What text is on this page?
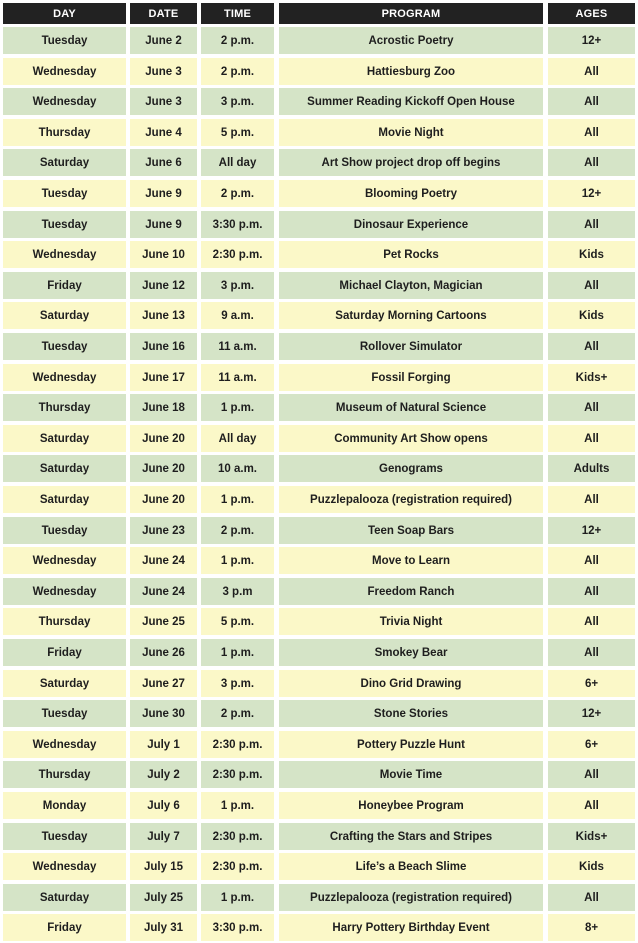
DAY	DATE	TIME	PROGRAM	AGES
Tuesday	June 2	2 p.m.	Acrostic Poetry	12+
Wednesday	June 3	2 p.m.	Hattiesburg Zoo	All
Wednesday	June 3	3 p.m.	Summer Reading Kickoff Open House	All
Thursday	June 4	5 p.m.	Movie Night	All
Saturday	June 6	All day	Art Show project drop off begins	All
Tuesday	June 9	2 p.m.	Blooming Poetry	12+
Tuesday	June 9	3:30 p.m.	Dinosaur Experience	All
Wednesday	June 10	2:30 p.m.	Pet Rocks	Kids
Friday	June 12	3 p.m.	Michael Clayton, Magician	All
Saturday	June 13	9 a.m.	Saturday Morning Cartoons	Kids
Tuesday	June 16	11 a.m.	Rollover Simulator	All
Wednesday	June 17	11 a.m.	Fossil Forging	Kids+
Thursday	June 18	1 p.m.	Museum of Natural Science	All
Saturday	June 20	All day	Community Art Show opens	All
Saturday	June 20	10 a.m.	Genograms	Adults
Saturday	June 20	1 p.m.	Puzzlepalooza (registration required)	All
Tuesday	June 23	2 p.m.	Teen Soap Bars	12+
Wednesday	June 24	1 p.m.	Move to Learn	All
Wednesday	June 24	3 p.m	Freedom Ranch	All
Thursday	June 25	5 p.m.	Trivia Night	All
Friday	June 26	1 p.m.	Smokey Bear	All
Saturday	June 27	3 p.m.	Dino Grid Drawing	6+
Tuesday	June 30	2 p.m.	Stone Stories	12+
Wednesday	July 1	2:30 p.m.	Pottery Puzzle Hunt	6+
Thursday	July 2	2:30 p.m.	Movie Time	All
Monday	July 6	1 p.m.	Honeybee Program	All
Tuesday	July 7	2:30 p.m.	Crafting the Stars and Stripes	Kids+
Wednesday	July 15	2:30 p.m.	Life’s a Beach Slime	Kids
Saturday	July 25	1 p.m.	Puzzlepalooza (registration required)	All
Friday	July 31	3:30 p.m.	Harry Pottery Birthday Event	8+
